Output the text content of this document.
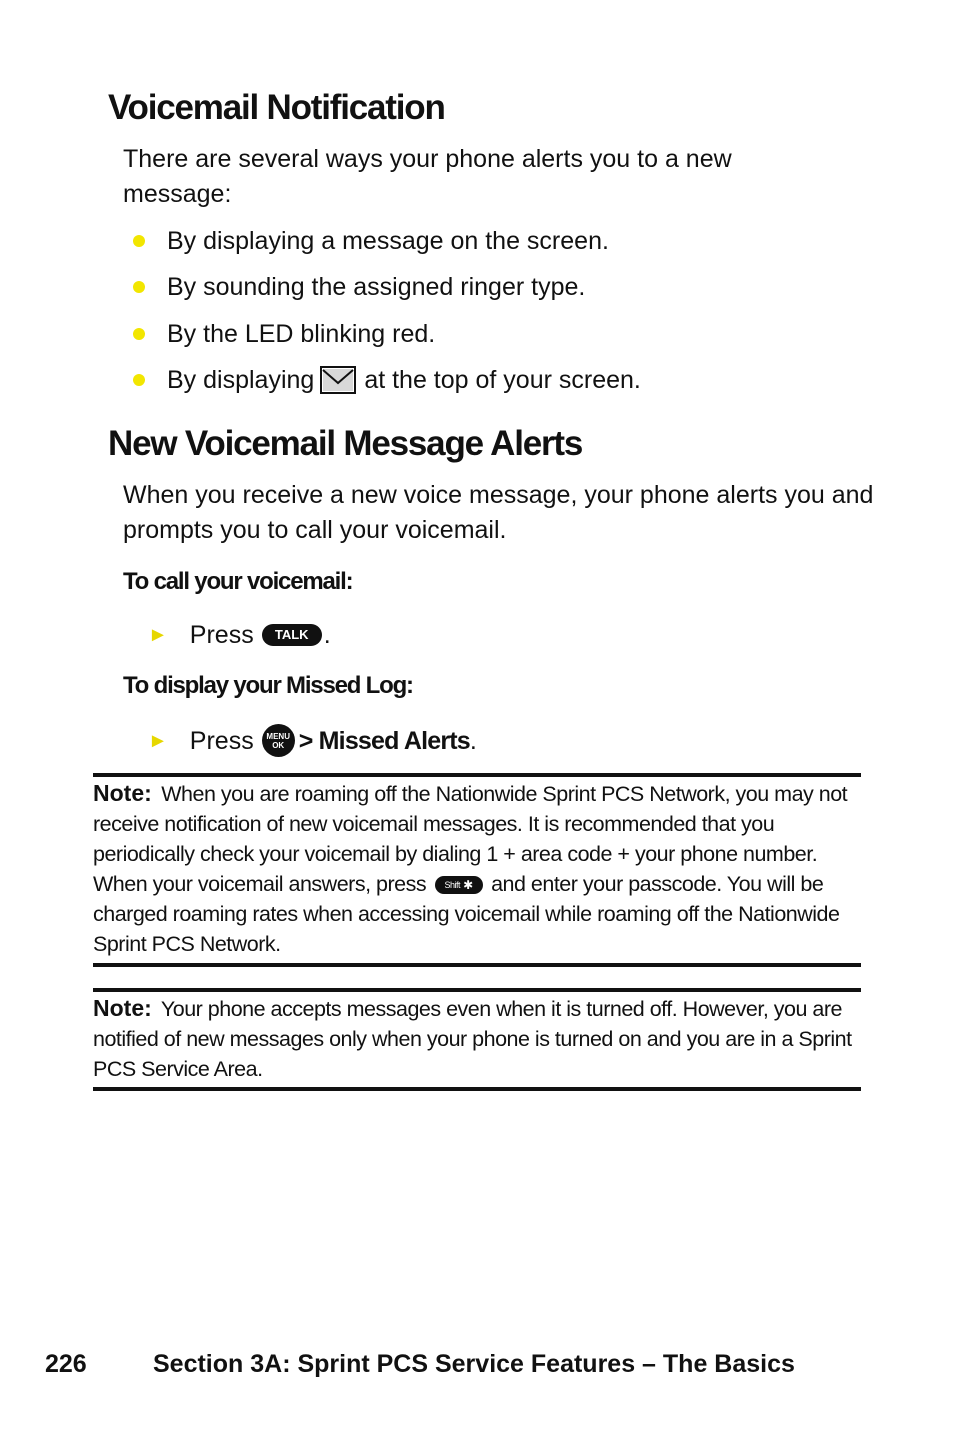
Voicemail Notification
There are several ways your phone alerts you to a new message:
By displaying a message on the screen.
By sounding the assigned ringer type.
By the LED blinking red.
By displaying at the top of your screen.
New Voicemail Message Alerts
When you receive a new voice message, your phone alerts you and prompts you to call your voicemail.
To call your voicemail:
► Press	TALK .
To display your Missed Log:
► Press MENU
OK > Missed Alerts .
Note: When you are roaming off the Nationwide Sprint PCS Network, you may not receive notification of new voicemail messages. It is recommended that you periodically check your voicemail by dialing 1 + area code + your phone number. When your voicemail answers, press Shift ✱ and enter your passcode. You will be charged roaming rates when accessing voicemail while roaming off the Nationwide Sprint PCS Network.
Note: Your phone accepts messages even when it is turned off. However, you are notified of new messages only when your phone is turned on and you are in a Sprint PCS Service Area.
226	Section 3A: Sprint PCS Service Features – The Basics
